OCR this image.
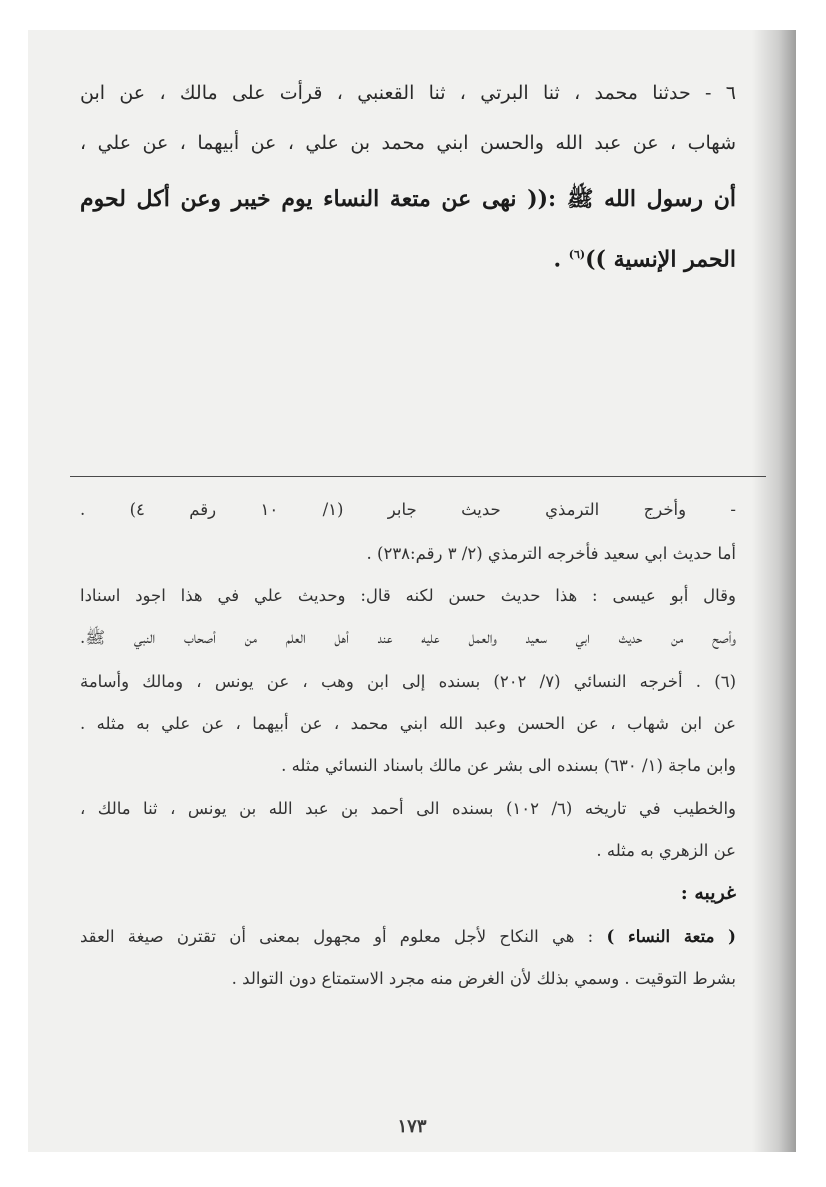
٦ - حدثنا محمد ، ثنا البرتي ، ثنا القعنبي ، قرأت على مالك ، عن ابن
شهاب ، عن عبد الله والحسن ابني محمد بن علي ، عن أبيهما ، عن علي ،
أن رسول الله ﷺ :(( نهى عن متعة النساء يوم خيبر وعن أكل لحوم
الحمر الإنسية ))$^{(٦)}$ .
- وأخرج الترمذي حديث جابر (١/ ١٠ رقم ٤) .
أما حديث ابي سعيد فأخرجه الترمذي (٢/ ٣ رقم:٢٣٨) .
وقال أبو عيسى : هذا حديث حسن لكنه قال: وحديث علي في هذا اجود اسنادا
وأصح من حديث ابي سعيد والعمل عليه عند أهل العلم من أصحاب النبي ﷺ.
(٦) . أخرجه النسائي (٧/ ٢٠٢) بسنده إلى ابن وهب ، عن يونس ، ومالك وأسامة
عن ابن شهاب ، عن الحسن وعبد الله ابني محمد ، عن أبيهما ، عن علي به مثله .
وابن ماجة (١/ ٦٣٠) بسنده الى بشر عن مالك باسناد النسائي مثله .
والخطيب في تاريخه (٦/ ١٠٢) بسنده الى أحمد بن عبد الله بن يونس ، ثنا مالك ،
عن الزهري به مثله .
غريبه :
( متعة النساء ) : هي النكاح لأجل معلوم أو مجهول بمعنى أن تقترن صيغة العقد
بشرط التوقيت . وسمي بذلك لأن الغرض منه مجرد الاستمتاع دون التوالد .
١٧٣
